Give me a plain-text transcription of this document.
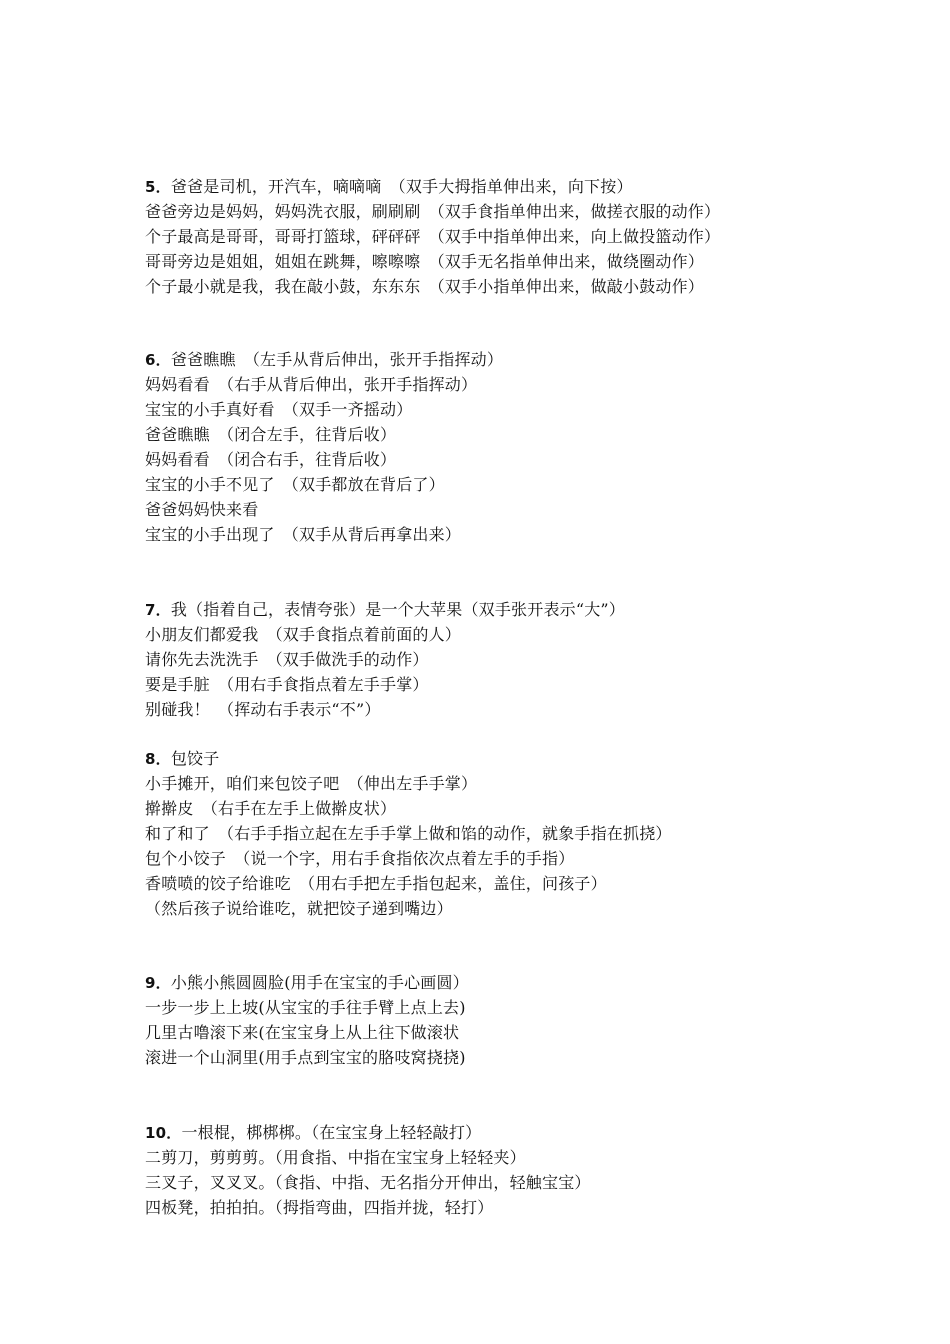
5．爸爸是司机，开汽车，嘀嘀嘀　（双手大拇指单伸出来，向下按）
爸爸旁边是妈妈，妈妈洗衣服，刷刷刷　（双手食指单伸出来，做搓衣服的动作）
个子最高是哥哥，哥哥打篮球，砰砰砰　（双手中指单伸出来，向上做投篮动作）
哥哥旁边是姐姐，姐姐在跳舞，嚓嚓嚓　（双手无名指单伸出来，做绕圈动作）
个子最小就是我，我在敲小鼓，东东东　（双手小指单伸出来，做敲小鼓动作）
6．爸爸瞧瞧　（左手从背后伸出，张开手指挥动）
妈妈看看　（右手从背后伸出，张开手指挥动）
宝宝的小手真好看　（双手一齐摇动）
爸爸瞧瞧　（闭合左手，往背后收）
妈妈看看　（闭合右手，往背后收）
宝宝的小手不见了　（双手都放在背后了）
爸爸妈妈快来看
宝宝的小手出现了　（双手从背后再拿出来）
7．我（指着自己，表情夸张）是一个大苹果（双手张开表示“大”）
小朋友们都爱我　（双手食指点着前面的人）
请你先去洗洗手　（双手做洗手的动作）
要是手脏　（用右手食指点着左手手掌）
别碰我！　（挥动右手表示“不”）
8．包饺子
小手摊开，咱们来包饺子吧　（伸出左手手掌）
擀擀皮　（右手在左手上做擀皮状）
和了和了　（右手手指立起在左手手掌上做和馅的动作，就象手指在抓挠）
包个小饺子　（说一个字，用右手食指依次点着左手的手指）
香喷喷的饺子给谁吃　（用右手把左手指包起来，盖住，问孩子）
（然后孩子说给谁吃，就把饺子递到嘴边）
9．小熊小熊圆圆脸(用手在宝宝的手心画圆）
一步一步上上坡(从宝宝的手往手臂上点上去)
几里古噜滚下来(在宝宝身上从上往下做滚状
滚进一个山洞里(用手点到宝宝的胳吱窝挠挠)
10．一根棍，梆梆梆。（在宝宝身上轻轻敲打）
二剪刀，剪剪剪。（用食指、中指在宝宝身上轻轻夹）
三叉子，叉叉叉。（食指、中指、无名指分开伸出，轻触宝宝）
四板凳，拍拍拍。（拇指弯曲，四指并拢，轻打）
